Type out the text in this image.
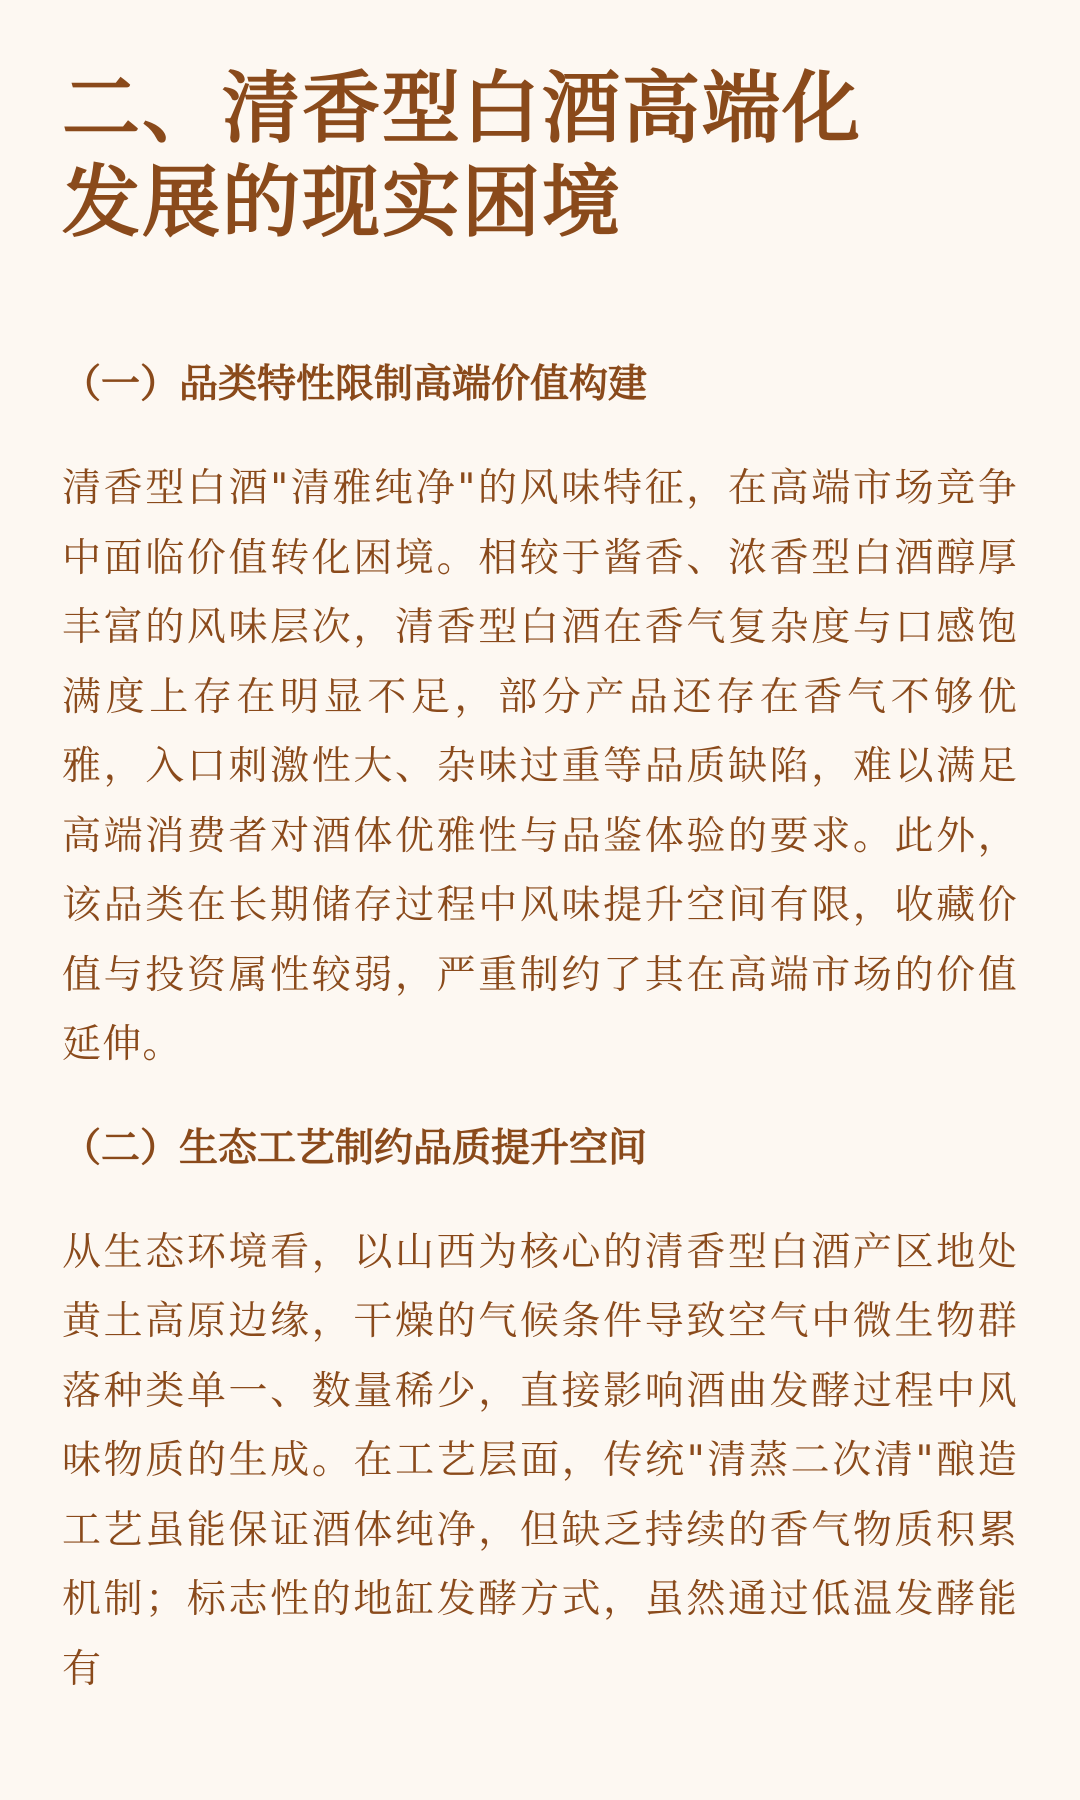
二、清香型白酒高端化
发展的现实困境
（一）品类特性限制高端价值构建

清香型白酒"清雅纯净"的风味特征，在高端市场竞争中面临价值转化困境。相较于酱香、浓香型白酒醇厚丰富的风味层次，清香型白酒在香气复杂度与口感饱满度上存在明显不足，部分产品还存在香气不够优雅，入口刺激性大、杂味过重等品质缺陷，难以满足高端消费者对酒体优雅性与品鉴体验的要求。此外，该品类在长期储存过程中风味提升空间有限，收藏价值与投资属性较弱，严重制约了其在高端市场的价值延伸。

（二）生态工艺制约品质提升空间

从生态环境看，以山西为核心的清香型白酒产区地处黄土高原边缘，干燥的气候条件导致空气中微生物群落种类单一、数量稀少，直接影响酒曲发酵过程中风味物质的生成。在工艺层面，传统"清蒸二次清"酿造工艺虽能保证酒体纯净，但缺乏持续的香气物质积累机制；标志性的地缸发酵方式，虽然通过低温发酵能有
